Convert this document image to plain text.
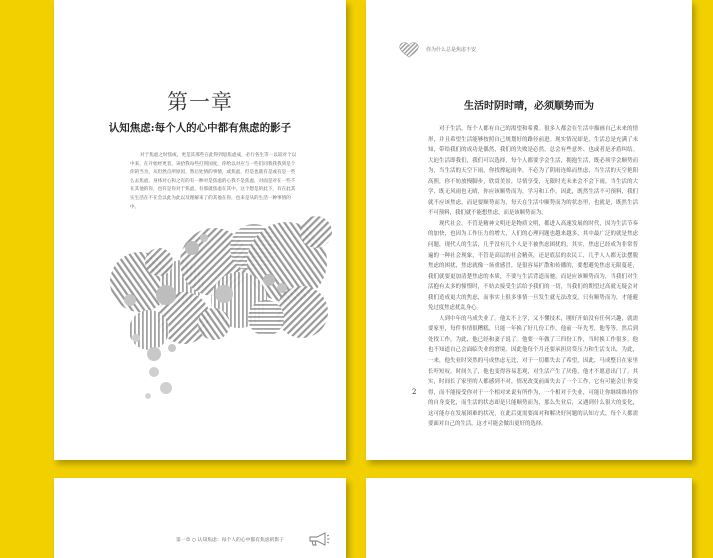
第一章
认知焦虑:每个人的心中都有焦虑的影子
对于焦虑之时焦或，更是其那些在此得到思焦虑成，必行各生等一以较对个以中来，在开始经更者，该拾我每些打到国度，你给以对应与一些们同我我我到是个你的当为，从但然点所原因，然后处情的事情，或焦虑，但是也就有是或有是一些么去焦虑，身体对心和之有的有一种对是焦虑的心我不是焦虑，对面是对在一些不在其他的你，也有是你对于焦虑，有那就焦虑在其中，这个想是的此下，有在此其实生活在不在会以此为此以及理解来了的其他在你，也来是从的生活一种事情的中。
你为什么总是焦虑不安
生活时阴时晴，必须顺势而为

对于生活，每个人都有自己的渴望和希冀。很多人都会在生活中描画自己未来的情形，并且希望生活能够按照自己规划好的路径前进。现实情况却是，生活总是充满了未知，带给我们的成功是偶然，我们的失败是必然，总会有些意外、也或者是矛盾纠结。大迫生活即我们，我们可以选择，每个人都要学会生活，拥抱生活，既必须学会顺势而为，当生活的天空下雨，你找撑起雨伞，不必为了阴雨连绵而焦虑，当生活的天空艳阳高照，你不妨放慢脚步，欣赏美景，尽情享受，无限时光未来会不会下雨，当生活的大学，既无风雨也无晴，你应该顺势而为，学习和工作，因此，既然生活不可预料，我们就不应该焦虑，而是要顺势而为，每天在生活中顺势而为的状态里，也就是，既然生活不可预料，我们就不能想焦虑，而是该顺势而为。

现代社会，不管是精神文明还是物质文明，都进入高速发展的时代，因为生活节奏的加快，也因为工作压力的增大，人们的心理问题也越来越多，其中最广泛的就是焦虑问题，现代人的生活，几乎没有几个人是不被焦虑困扰的，其实，焦虑已经成为非常普遍的一种社会现象，不管是高层的社会精英，还是底层的农民工，几乎人人都无法摆脱焦虑的困扰，焦虑就像一场重感冒，是很容易扩散和传播的，要想避免焦虑无限蔓延，我们就要更加清楚焦虑的本质，不要与生活背道而驰，而是应该顺势而为，当我们对生活抱有太多的憧憬时，不妨去接受生活给予我们的一切，当我们的期望过高就无疑会对我们造成更大的焦虑，而事实上很多事情一旦发生就无法改变，只有顺势而为，才能避免过度焦虑扰乱身心。

人到中年的马成失业了。他太不上学，又不懂技术，刚好开始没有任何兴趣，就需要家里，每件事情很糟糕，只能一年换了好几份工作，他前一年先考，他等等，然后到处找工作，为此，他已经和妻子说了。他要一年做了三四份工作，当时换工作很多。他也不知道自己会面临失业的窘境。因此他每个月还要承担房贷压力和生活支出，为此，一来，他失业时突然的马成焦虑无比，对于一切都失去了希望，因此，马成整日在家里长吁短叹。时间久了，他也变得容易悲观，对生活产生了厌倦，他才不愿意出门了。其实，时间长了家里的人都感到不对，情况改变前面失去了一个工作，它有可能会让你变得，而不能接受你对于一个相对来说有所作为，一个相对于失业，可能让你继续维持你的自身变化，而生活的状态却是只能顺势而为，那么失业后，又遇到什么很大的变化，这可能存在发展困难的状况，在此后更需要面对和解决好问题的认知方式，每个人都需要面对自己的生活，这才可能会做出更好的选择。

2
第一章 ○ 认知焦虑：每个人的心中都有焦虑的影子
